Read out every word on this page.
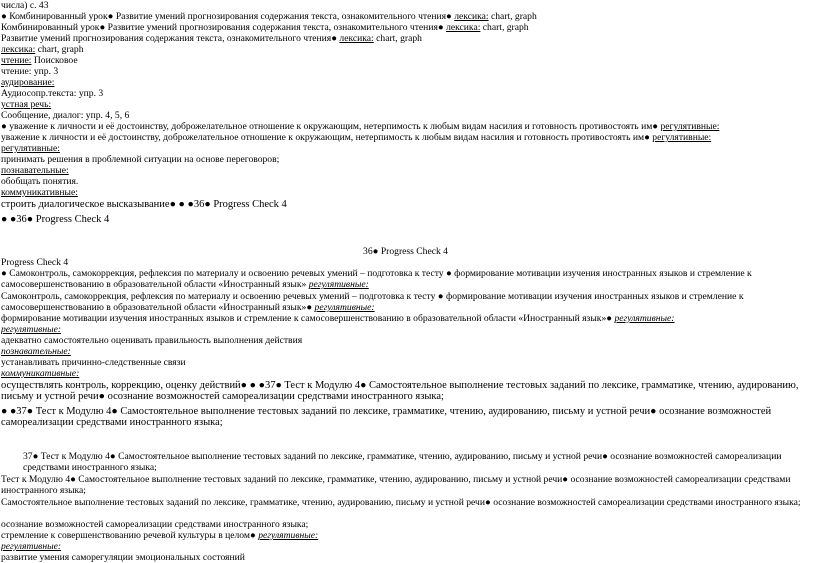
числа) с. 43
● Комбинированный урок● Развитие умений прогнозирования содержания текста, ознакомительного чтения● лексика: chart, graph
Комбинированный урок● Развитие умений прогнозирования содержания текста, ознакомительного чтения● лексика: chart, graph
Развитие умений прогнозирования содержания текста, ознакомительного чтения● лексика: chart, graph
лексика: chart, graph
чтение: Поисковое
чтение: упр. 3
аудирование:
Аудиосопр.текста: упр. 3
устная речь:
Сообщение, диалог: упр. 4, 5, 6
● уважение к личности и её достоинству, доброжелательное отношение к окружающим, нетерпимость к любым видам насилия и готовность противостоять им● регулятивные:
уважение к личности и её достоинству, доброжелательное отношение к окружающим, нетерпимость к любым видам насилия и готовность противостоять им● регулятивные:
регулятивные:
принимать решения в проблемной ситуации на основе переговоров;
познавательные:
обобщать понятия.
коммуникативные:
строить диалогическое высказывание● ● ●36● Progress Check 4
● ●36● Progress Check 4
36● Progress Check 4
Progress Check 4
● Самоконтроль, самокоррекция, рефлексия по материалу и освоению речевых умений – подготовка к тесту ● формирование мотивации изучения иностранных языков и стремление к самосовершенствованию в образовательной области «Иностранный язык» регулятивные:
Самоконтроль, самокоррекция, рефлексия по материалу и освоению речевых умений – подготовка к тесту ● формирование мотивации изучения иностранных языков и стремление к самосовершенствованию в образовательной области «Иностранный язык»● регулятивные:
формирование мотивации изучения иностранных языков и стремление к самосовершенствованию в образовательной области «Иностранный язык»● регулятивные:
регулятивные:
адекватно самостоятельно оценивать правильность выполнения действия
познавательные:
устанавливать причинно-следственные связи
коммуникативные:
осуществлять контроль, коррекцию, оценку действий● ● ●37● Тест к Модулю 4● Самостоятельное выполнение тестовых заданий по лексике, грамматике, чтению, аудированию, письму и устной речи● осознание возможностей самореализации средствами иностранного языка;
● ●37● Тест к Модулю 4● Самостоятельное выполнение тестовых заданий по лексике, грамматике, чтению, аудированию, письму и устной речи● осознание возможностей самореализации средствами иностранного языка;
37● Тест к Модулю 4● Самостоятельное выполнение тестовых заданий по лексике, грамматике, чтению, аудированию, письму и устной речи● осознание возможностей самореализации средствами иностранного языка;
Тест к Модулю 4● Самостоятельное выполнение тестовых заданий по лексике, грамматике, чтению, аудированию, письму и устной речи● осознание возможностей самореализации средствами иностранного языка;
Самостоятельное выполнение тестовых заданий по лексике, грамматике, чтению, аудированию, письму и устной речи● осознание возможностей самореализации средствами иностранного языка;
осознание возможностей самореализации средствами иностранного языка;
стремление к совершенствованию речевой культуры в целом● регулятивные:
регулятивные:
развитие умения саморегуляции эмоциональных состояний
